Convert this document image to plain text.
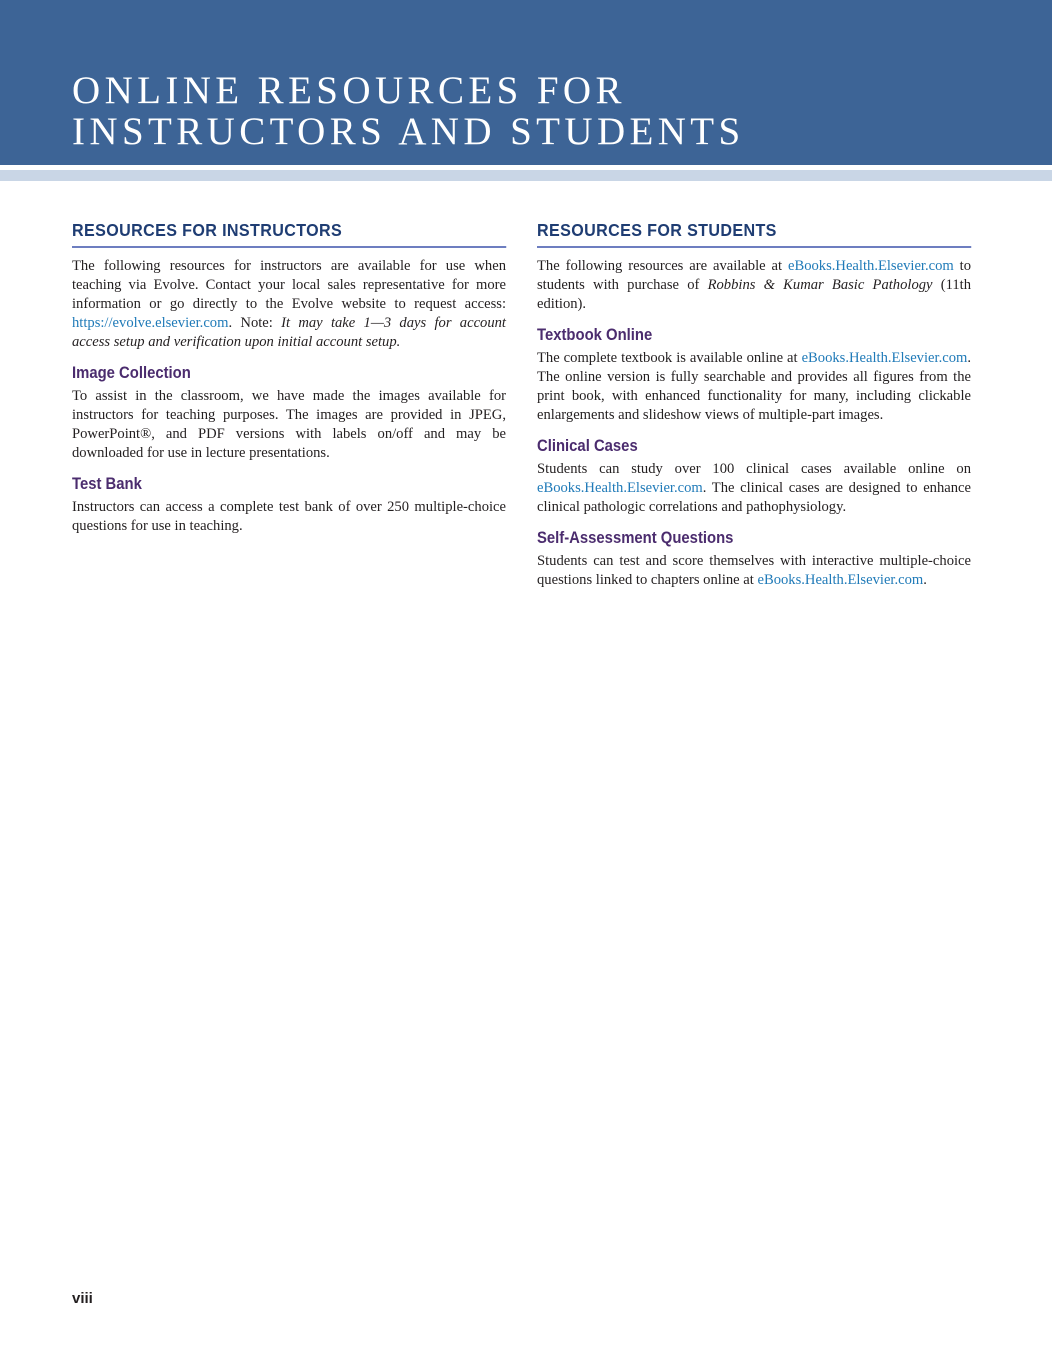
ONLINE RESOURCES FOR
INSTRUCTORS AND STUDENTS
RESOURCES FOR INSTRUCTORS

The following resources for instructors are available for use when teaching via Evolve. Contact your local sales representative for more information or go directly to the Evolve website to request access: https://evolve.elsevier.com. Note: It may take 1—3 days for account access setup and verification upon initial account setup.

Image Collection

To assist in the classroom, we have made the images available for instructors for teaching purposes. The images are provided in JPEG, PowerPoint®, and PDF versions with labels on/off and may be downloaded for use in lecture presentations.

Test Bank

Instructors can access a complete test bank of over 250 multiple-choice questions for use in teaching.

RESOURCES FOR STUDENTS

The following resources are available at eBooks.Health.Elsevier.com to students with purchase of Robbins & Kumar Basic Pathology (11th edition).

Textbook Online

The complete textbook is available online at eBooks.Health.Elsevier.com. The online version is fully searchable and provides all figures from the print book, with enhanced functionality for many, including clickable enlargements and slideshow views of multiple-part images.

Clinical Cases

Students can study over 100 clinical cases available online on eBooks.Health.Elsevier.com. The clinical cases are designed to enhance clinical pathologic correlations and pathophysiology.

Self-Assessment Questions

Students can test and score themselves with interactive multiple-choice questions linked to chapters online at eBooks.Health.Elsevier.com.

viii
